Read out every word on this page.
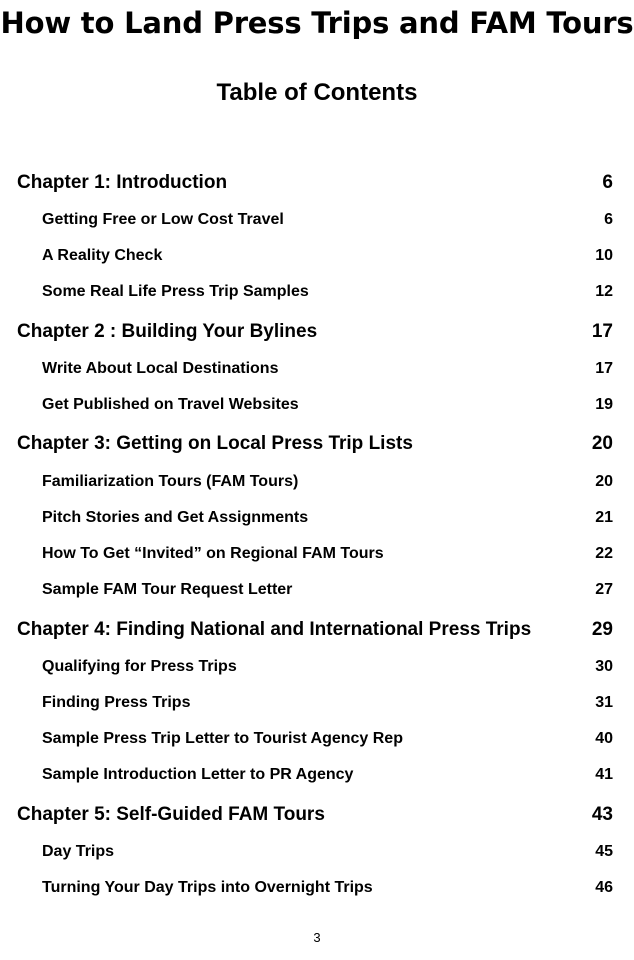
How to Land Press Trips and FAM Tours
Table of Contents
Chapter 1: Introduction	6
Getting Free or Low Cost Travel	6
A Reality Check	10
Some Real Life Press Trip Samples	12
Chapter 2 : Building Your Bylines	17
Write About Local Destinations	17
Get Published on Travel Websites	19
Chapter 3: Getting on Local Press Trip Lists	20
Familiarization Tours (FAM Tours)	20
Pitch Stories and Get Assignments	21
How To Get “Invited” on Regional FAM Tours	22
Sample FAM Tour Request Letter	27
Chapter 4: Finding National and International Press Trips	29
Qualifying for Press Trips	30
Finding Press Trips	31
Sample Press Trip Letter to Tourist Agency Rep	40
Sample Introduction Letter to PR Agency	41
Chapter 5: Self-Guided FAM Tours	43
Day Trips	45
Turning Your Day Trips into Overnight Trips	46
3
